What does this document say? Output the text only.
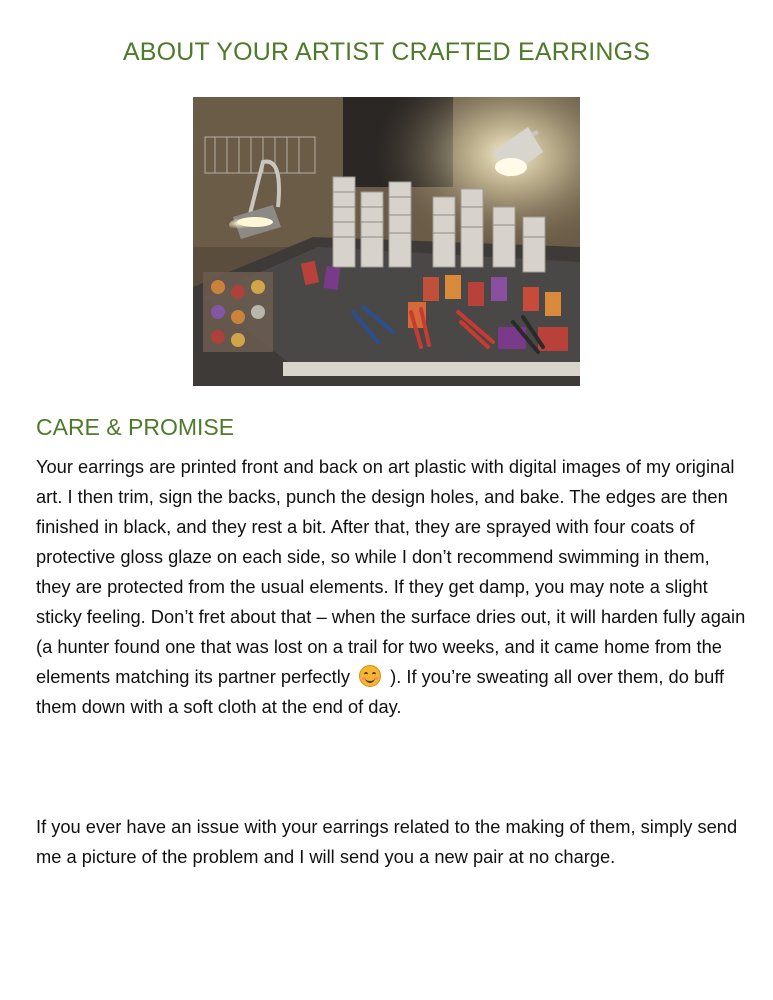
ABOUT YOUR ARTIST CRAFTED EARRINGS
CARE & PROMISE

Your earrings are printed front and back on art plastic with digital images of my original art. I then trim, sign the backs, punch the design holes, and bake. The edges are then finished in black, and they rest a bit. After that, they are sprayed with four coats of protective gloss glaze on each side, so while I don’t recommend swimming in them, they are protected from the usual elements. If they get damp, you may note a slight sticky feeling. Don’t fret about that – when the surface dries out, it will harden fully again (a hunter found one that was lost on a trail for two weeks, and it came home from the elements matching its partner perfectly ). If you’re sweating all over them, do buff them down with a soft cloth at the end of day.

If you ever have an issue with your earrings related to the making of them, simply send me a picture of the problem and I will send you a new pair at no charge.
